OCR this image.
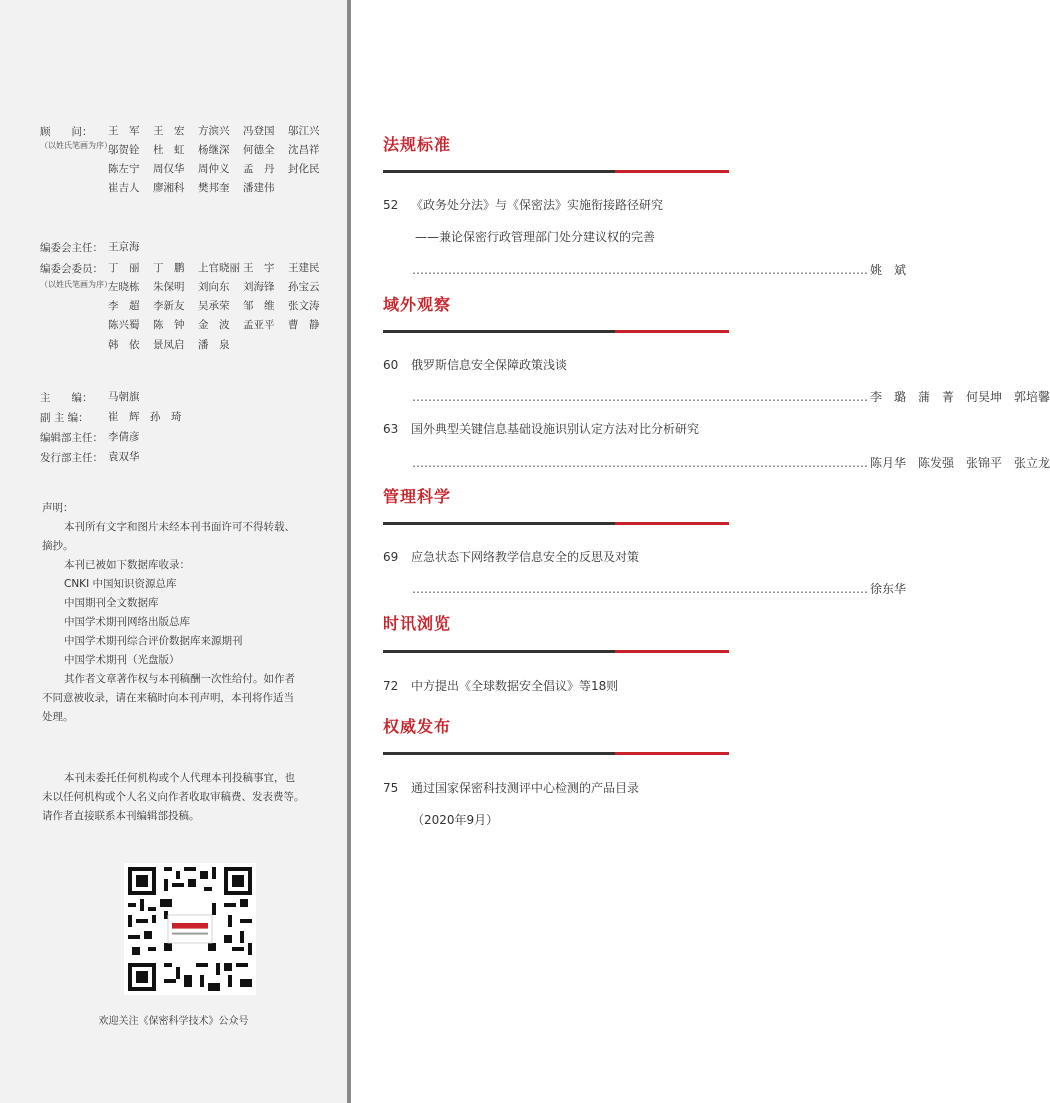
顾　　问：
（以姓氏笔画为序）
王　军 王　宏 方滨兴 冯登国 邬江兴
邬贺铨 杜　虹 杨继深 何德全 沈昌祥
陈左宁 周仅华 周仲义 孟　丹 封化民
崔吉人 廖湘科 樊邦奎 潘建伟
编委会主任： 王京海
编委会委员：
（以姓氏笔画为序）
丁　丽 丁　鹏 上官晓丽 王　宇 王建民
左晓栋 朱保明 刘向东 刘海锋 孙宝云
李　超 李新友 吴承荣 邹　维 张文涛
陈兴蜀 陈　钟 金　波 孟亚平 曹　静
韩　依 景凤启 潘　泉
主　　编： 马朝旗
副 主 编： 崔　辉　孙　琦
编辑部主任： 李倩彦
发行部主任： 袁双华
声明：
本刊所有文字和图片未经本刊书面许可不得转载、
摘抄。
本刊已被如下数据库收录：
CNKI 中国知识资源总库
中国期刊全文数据库
中国学术期刊网络出版总库
中国学术期刊综合评价数据库来源期刊
中国学术期刊（光盘版）
其作者文章著作权与本刊稿酬一次性给付。如作者
不同意被收录，请在来稿时向本刊声明，本刊将作适当
处理。
本刊未委托任何机构或个人代理本刊投稿事宜，也
未以任何机构或个人名义向作者收取审稿费、发表费等。
请作者直接联系本刊编辑部投稿。
欢迎关注《保密科学技术》公众号
法规标准
52 《政务处分法》与《保密法》实施衔接路径研究
——兼论保密行政管理部门处分建议权的完善
…………………………………………………………………………………………………… 姚　斌
域外观察
60 俄罗斯信息安全保障政策浅谈
…………………………………………………………………………………………………… 李　璐　蒲　菁　何昊坤　郭培馨
63 国外典型关键信息基础设施识别认定方法对比分析研究
…………………………………………………………………………………………………… 陈月华　陈发强　张锦平　张立龙
管理科学
69 应急状态下网络教学信息安全的反思及对策
…………………………………………………………………………………………………… 徐东华
时讯浏览
72 中方提出《全球数据安全倡议》等18则
权威发布
75 通过国家保密科技测评中心检测的产品目录
（2020年9月）
